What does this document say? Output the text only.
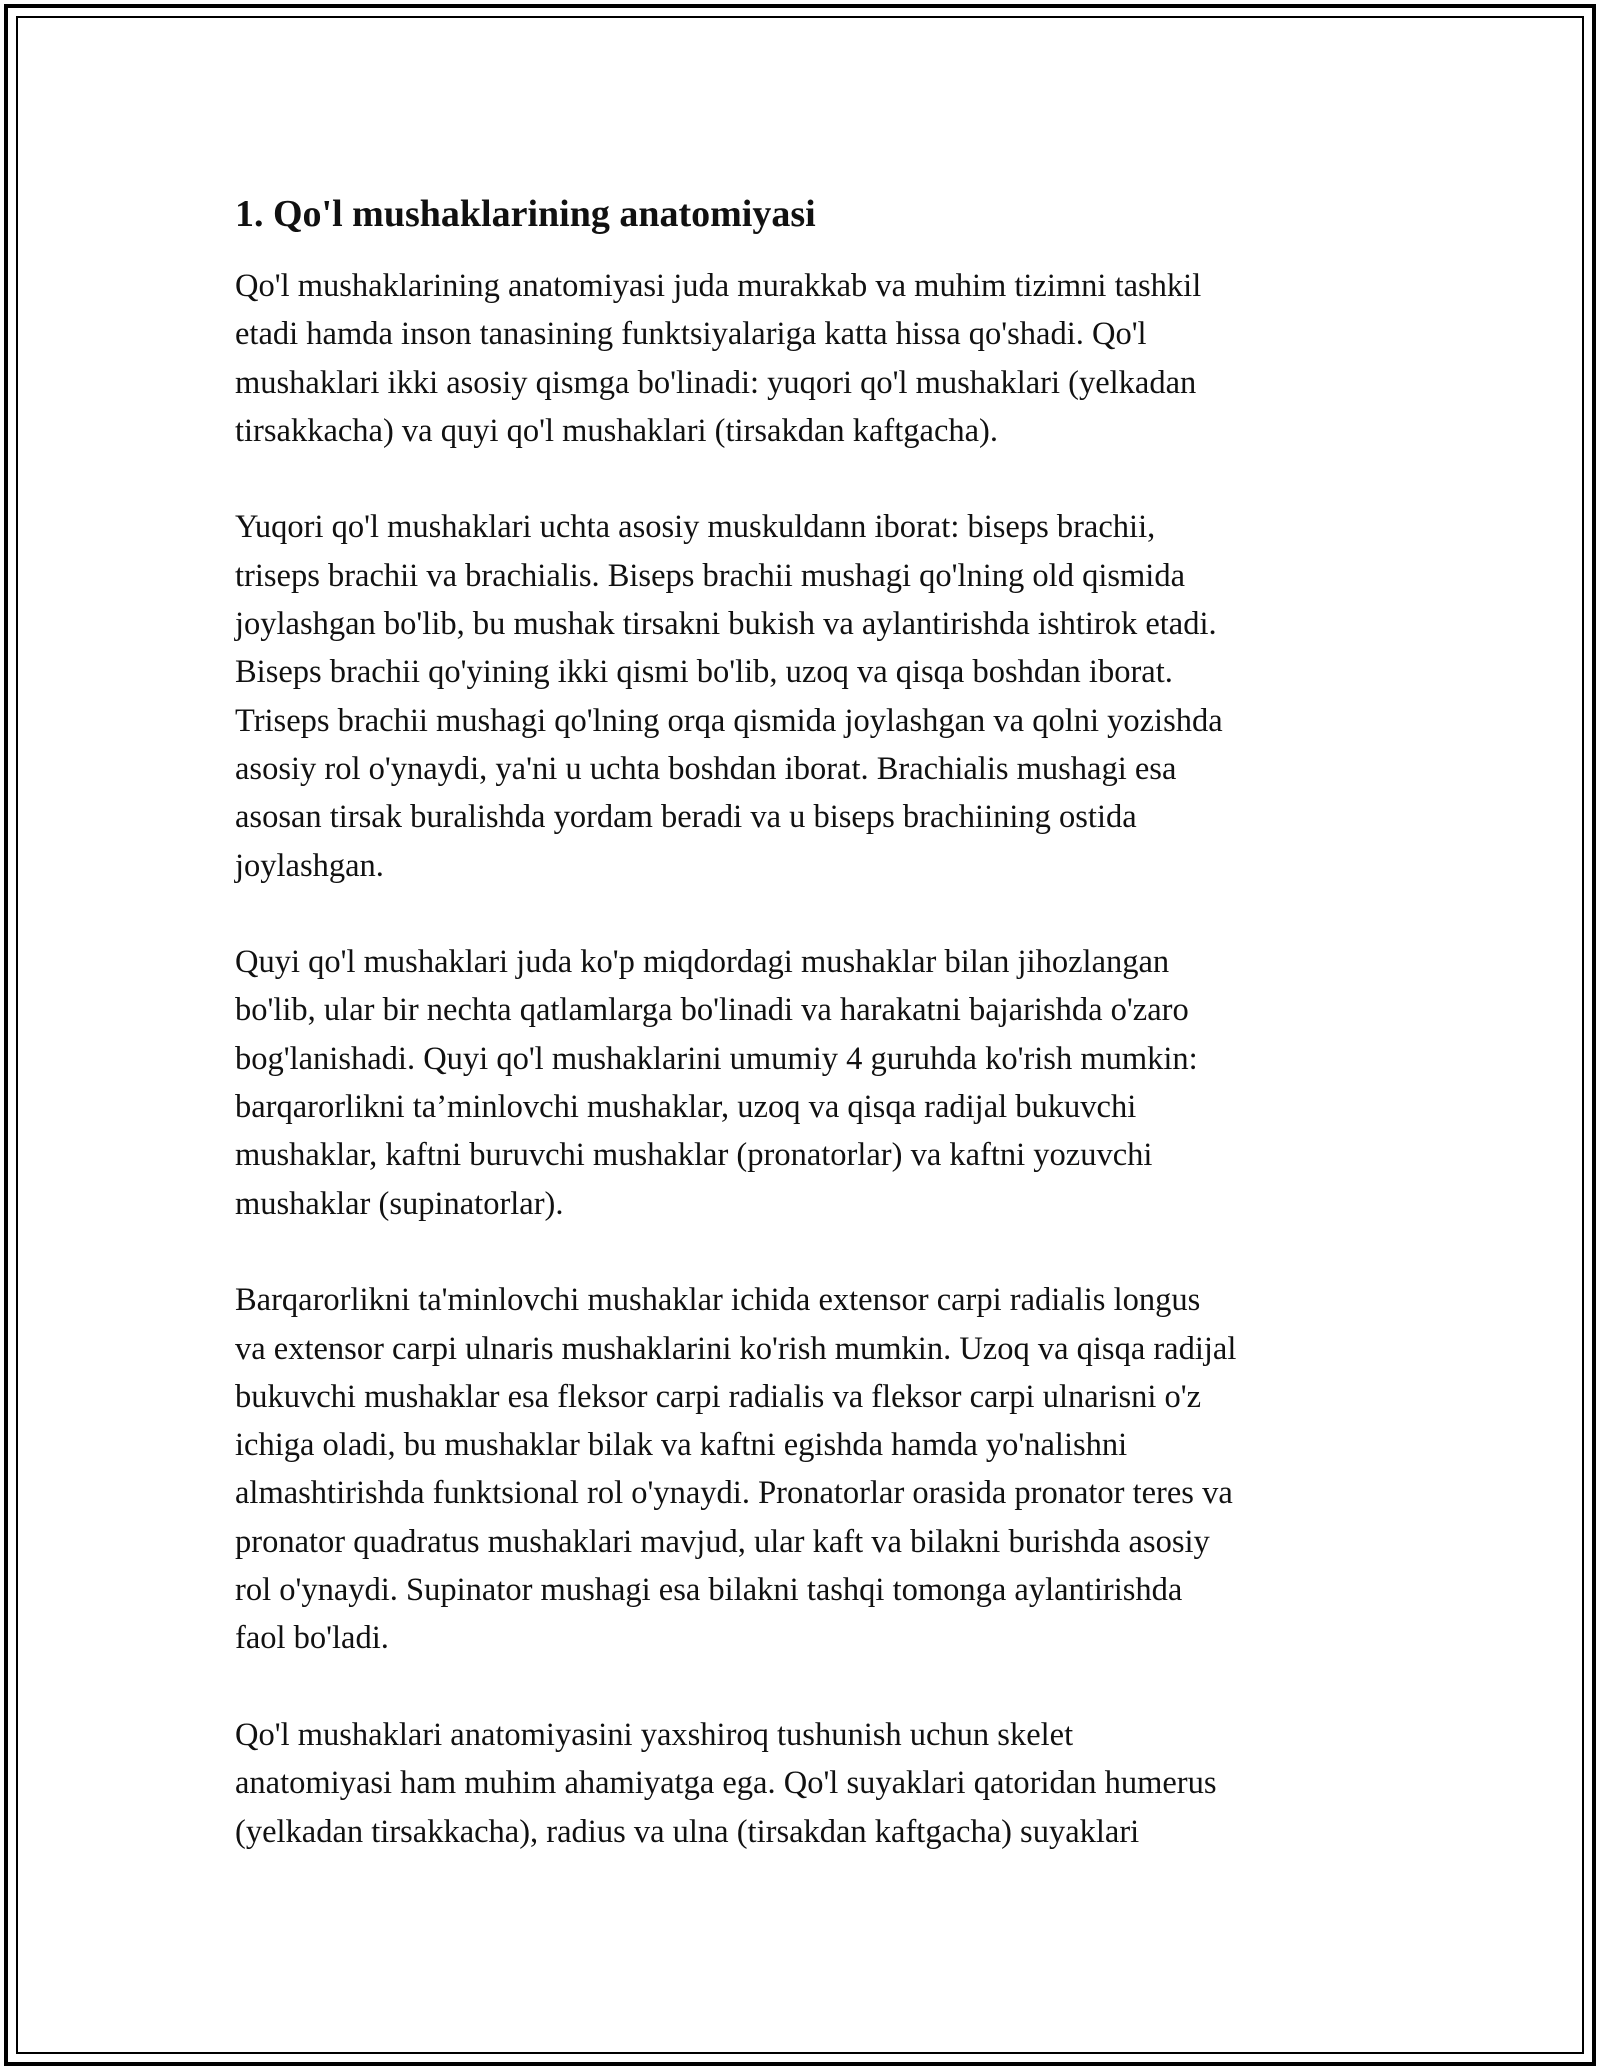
1. Qo'l mushaklarining anatomiyasi

Qo'l mushaklarining anatomiyasi juda murakkab va muhim tizimni tashkil
etadi hamda inson tanasining funktsiyalariga katta hissa qo'shadi. Qo'l
mushaklari ikki asosiy qismga bo'linadi: yuqori qo'l mushaklari (yelkadan
tirsakkacha) va quyi qo'l mushaklari (tirsakdan kaftgacha).

Yuqori qo'l mushaklari uchta asosiy muskuldann iborat: biseps brachii,
triseps brachii va brachialis. Biseps brachii mushagi qo'lning old qismida
joylashgan bo'lib, bu mushak tirsakni bukish va aylantirishda ishtirok etadi.
Biseps brachii qo'yining ikki qismi bo'lib, uzoq va qisqa boshdan iborat.
Triseps brachii mushagi qo'lning orqa qismida joylashgan va qolni yozishda
asosiy rol o'ynaydi, ya'ni u uchta boshdan iborat. Brachialis mushagi esa
asosan tirsak buralishda yordam beradi va u biseps brachiining ostida
joylashgan.

Quyi qo'l mushaklari juda ko'p miqdordagi mushaklar bilan jihozlangan
bo'lib, ular bir nechta qatlamlarga bo'linadi va harakatni bajarishda o'zaro
bog'lanishadi. Quyi qo'l mushaklarini umumiy 4 guruhda ko'rish mumkin:
barqarorlikni ta’minlovchi mushaklar, uzoq va qisqa radijal bukuvchi
mushaklar, kaftni buruvchi mushaklar (pronatorlar) va kaftni yozuvchi
mushaklar (supinatorlar).

Barqarorlikni ta'minlovchi mushaklar ichida extensor carpi radialis longus
va extensor carpi ulnaris mushaklarini ko'rish mumkin. Uzoq va qisqa radijal
bukuvchi mushaklar esa fleksor carpi radialis va fleksor carpi ulnarisni o'z
ichiga oladi, bu mushaklar bilak va kaftni egishda hamda yo'nalishni
almashtirishda funktsional rol o'ynaydi. Pronatorlar orasida pronator teres va
pronator quadratus mushaklari mavjud, ular kaft va bilakni burishda asosiy
rol o'ynaydi. Supinator mushagi esa bilakni tashqi tomonga aylantirishda
faol bo'ladi.

Qo'l mushaklari anatomiyasini yaxshiroq tushunish uchun skelet
anatomiyasi ham muhim ahamiyatga ega. Qo'l suyaklari qatoridan humerus
(yelkadan tirsakkacha), radius va ulna (tirsakdan kaftgacha) suyaklari
